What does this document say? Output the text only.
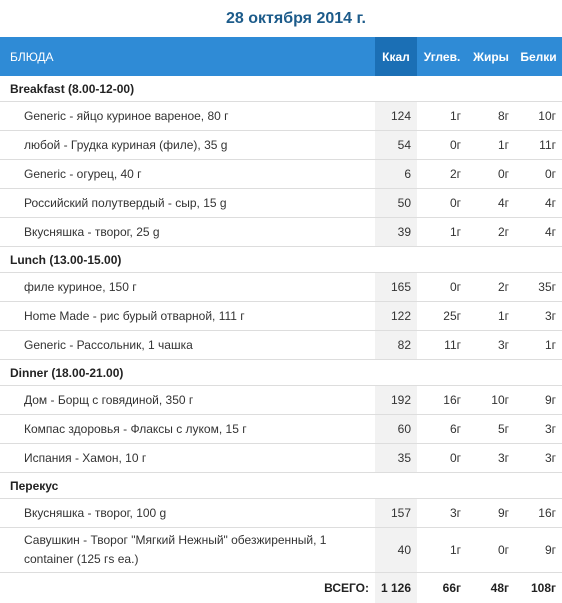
28 октября 2014 г.
БЛЮДА	Ккал	Углев.	Жиры	Белки
Breakfast (8.00-12-00)				
Generic - яйцо куриное вареное, 80 г	124	1г	8г	10г
любой - Грудка куриная (филе), 35 g	54	0г	1г	11г
Generic - огурец, 40 г	6	2г	0г	0г
Российский полутвердый - сыр, 15 g	50	0г	4г	4г
Вкусняшка - творог, 25 g	39	1г	2г	4г
Lunch (13.00-15.00)				
филе куриное, 150 г	165	0г	2г	35г
Home Made - рис бурый отварной, 111 г	122	25г	1г	3г
Generic - Рассольник, 1 чашка	82	11г	3г	1г
Dinner (18.00-21.00)				
Дом - Борщ с говядиной, 350 г	192	16г	10г	9г
Компас здоровья - Флаксы с луком, 15 г	60	6г	5г	3г
Испания - Хамон, 10 г	35	0г	3г	3г
Перекус				
Вкусняшка - творог, 100 g	157	3г	9г	16г
Савушкин - Творог "Мягкий Нежный" обезжиренный, 1 container (125 гs ea.)	40	1г	0г	9г
ВСЕГО:	1 126	66г	48г	108г
